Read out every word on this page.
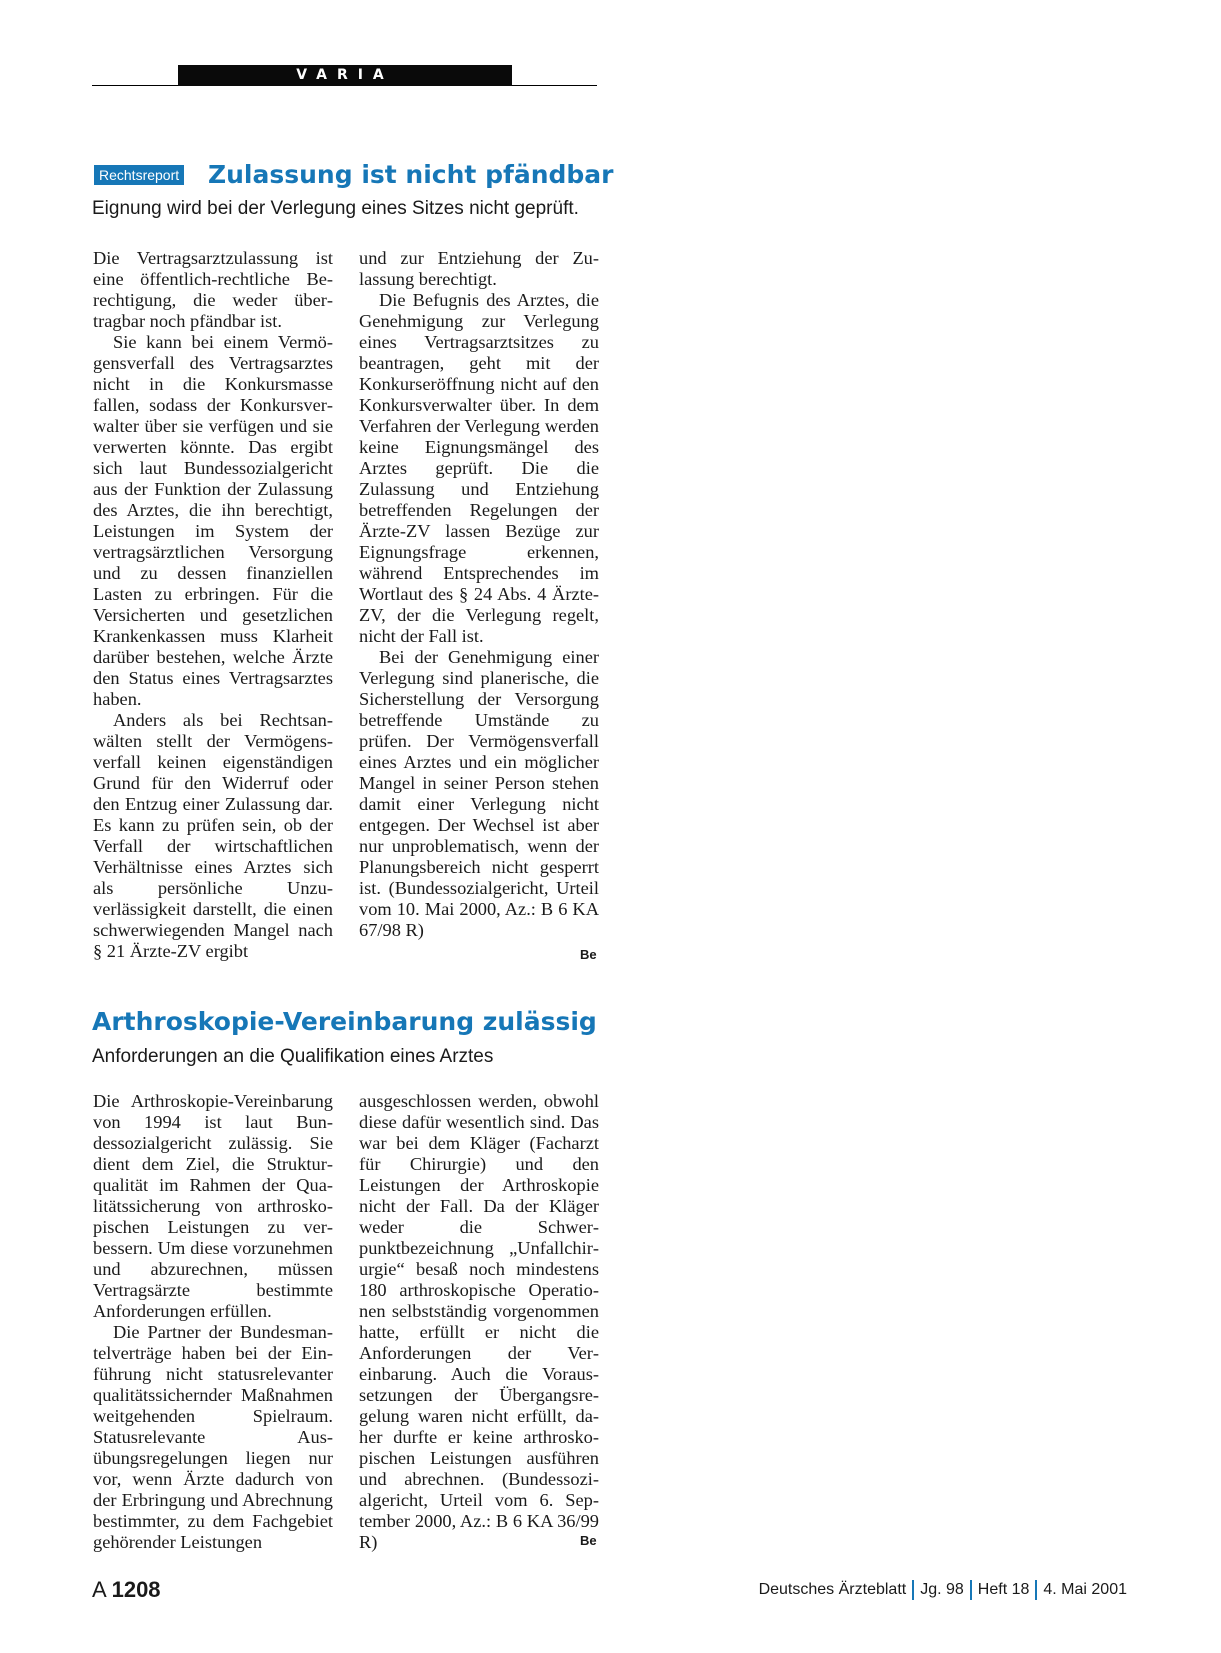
VARIA
Rechtsreport Zulassung ist nicht pfändbar
Eignung wird bei der Verlegung eines Sitzes nicht geprüft.

Die Vertragsarztzulassung ist eine öffentlich-rechtliche Berechtigung, die weder übertragbar noch pfändbar ist.

Sie kann bei einem Vermögensverfall des Vertragsarztes nicht in die Konkursmasse fallen, sodass der Konkursverwalter über sie verfügen und sie verwerten könnte. Das ergibt sich laut Bundessozialgericht aus der Funktion der Zulassung des Arztes, die ihn berechtigt, Leistungen im System der vertragsärztlichen Versorgung und zu dessen finanziellen Lasten zu erbringen. Für die Versicherten und gesetzlichen Krankenkassen muss Klarheit darüber bestehen, welche Ärzte den Status eines Vertragsarztes haben.

Anders als bei Rechtsanwälten stellt der Vermögensverfall keinen eigenständigen Grund für den Widerruf oder den Entzug einer Zulassung dar. Es kann zu prüfen sein, ob der Verfall der wirtschaftlichen Verhältnisse eines Arztes sich als persönliche Unzuverlässigkeit darstellt, die einen schwerwiegenden Mangel nach § 21 Ärzte-ZV ergibt

und zur Entziehung der Zulassung berechtigt.

Die Befugnis des Arztes, die Genehmigung zur Verlegung eines Vertragsarztsitzes zu beantragen, geht mit der Konkurseröffnung nicht auf den Konkursverwalter über. In dem Verfahren der Verlegung werden keine Eignungsmängel des Arztes geprüft. Die die Zulassung und Entziehung betreffenden Regelungen der Ärzte-ZV lassen Bezüge zur Eignungsfrage erkennen, während Entsprechendes im Wortlaut des § 24 Abs. 4 Ärzte-ZV, der die Verlegung regelt, nicht der Fall ist.

Bei der Genehmigung einer Verlegung sind planerische, die Sicherstellung der Versorgung betreffende Umstände zu prüfen. Der Vermögensverfall eines Arztes und ein möglicher Mangel in seiner Person stehen damit einer Verlegung nicht entgegen. Der Wechsel ist aber nur unproblematisch, wenn der Planungsbereich nicht gesperrt ist. (Bundessozialgericht, Urteil vom 10. Mai 2000, Az.: B 6 KA 67/98 R)

Be
Arthroskopie-Vereinbarung zulässig
Anforderungen an die Qualifikation eines Arztes

Die Arthroskopie-Vereinbarung von 1994 ist laut Bundessozialgericht zulässig. Sie dient dem Ziel, die Strukturqualität im Rahmen der Qualitätssicherung von arthroskopischen Leistungen zu verbessern. Um diese vorzunehmen und abzurechnen, müssen Vertragsärzte bestimmte Anforderungen erfüllen.

Die Partner der Bundesmantelverträge haben bei der Einführung nicht statusrelevanter qualitätssichernder Maßnahmen weitgehenden Spielraum. Statusrelevante Ausübungsregelungen liegen nur vor, wenn Ärzte dadurch von der Erbringung und Abrechnung bestimmter, zu dem Fachgebiet gehörender Leistungen

ausgeschlossen werden, obwohl diese dafür wesentlich sind. Das war bei dem Kläger (Facharzt für Chirurgie) und den Leistungen der Arthroskopie nicht der Fall. Da der Kläger weder die Schwerpunktbezeichnung „Unfallchirurgie“ besaß noch mindestens 180 arthroskopische Operationen selbstständig vorgenommen hatte, erfüllt er nicht die Anforderungen der Vereinbarung. Auch die Voraussetzungen der Übergangsregelung waren nicht erfüllt, daher durfte er keine arthroskopischen Leistungen ausführen und abrechnen. (Bundessozialgericht, Urteil vom 6. September 2000, Az.: B 6 KA 36/99 R)	Be
A 1208	Deutsches Ärzteblatt Jg. 98 Heft 18 4. Mai 2001
